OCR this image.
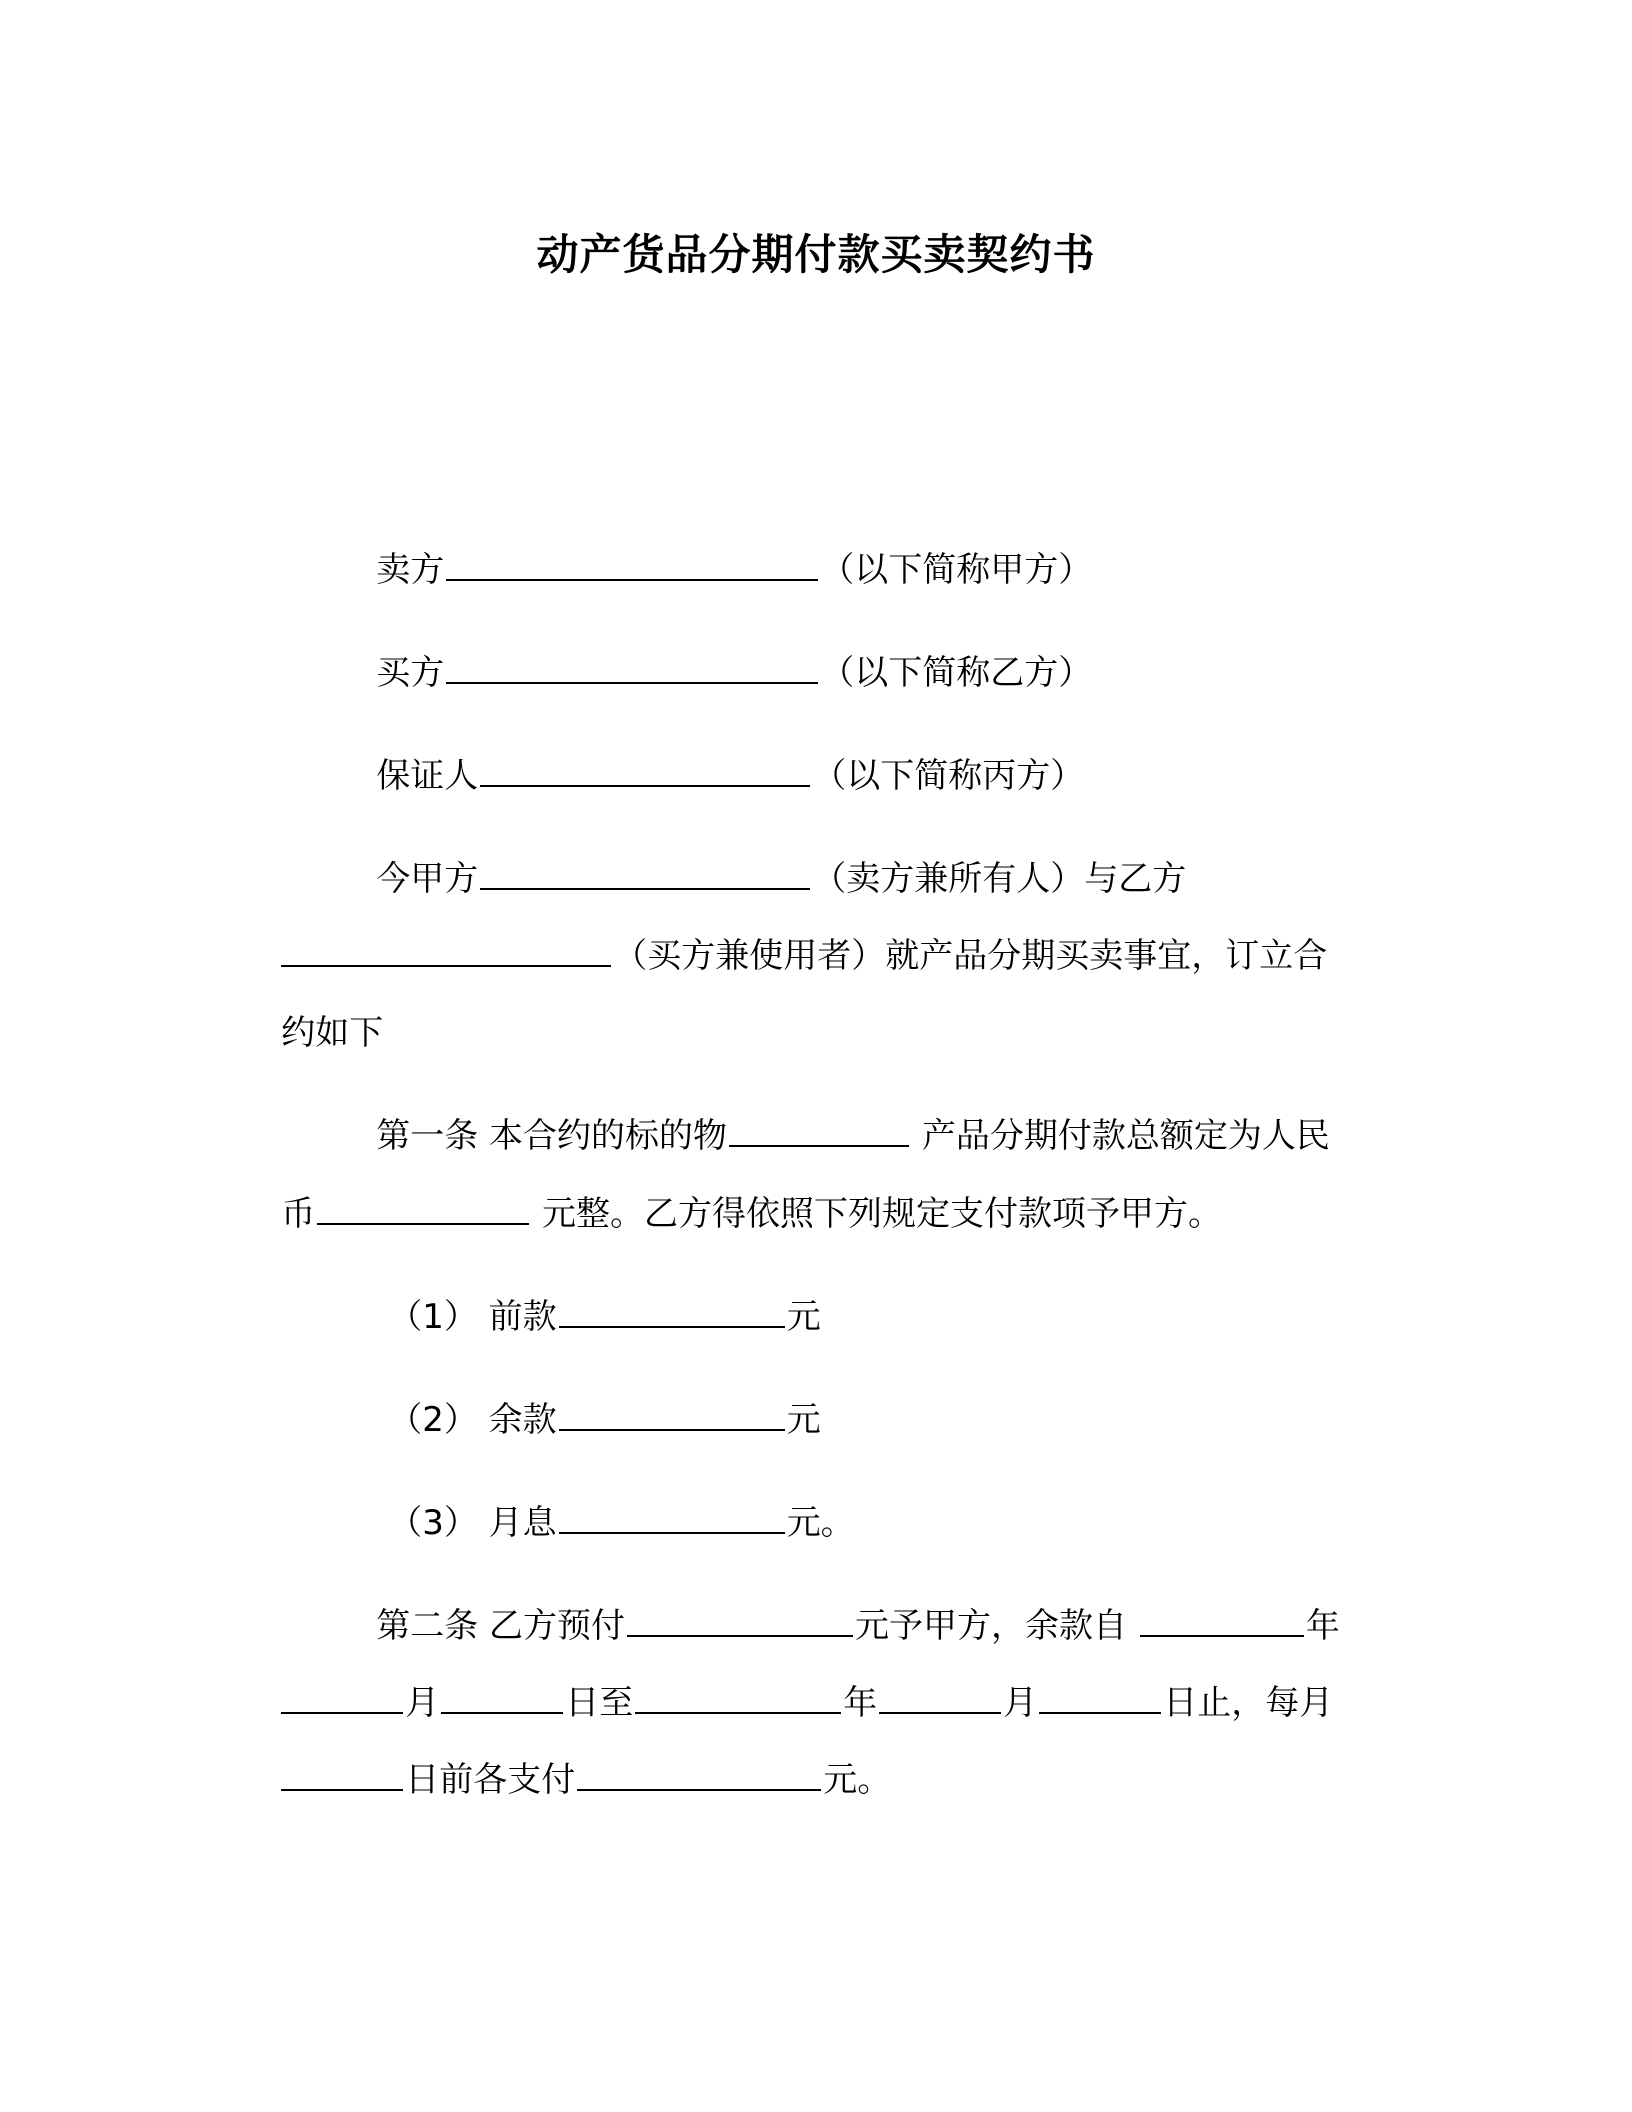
动产货品分期付款买卖契约书

卖方	（以下简称甲方）

买方	（以下简称乙方）

保证人	（以下简称丙方）

今甲方	（卖方兼所有人）与乙方

（买方兼使用者）就产品分期买卖事宜，订立合

约如下

第一条 本合约的标的物	产品分期付款总额定为人民

币	元整。乙方得依照下列规定支付款项予甲方。

（1） 前款	元

（2） 余款	元

（3） 月息	元。

第二条 乙方预付	元予甲方，余款自	年

月	日至	年	月	日止，每月

日前各支付	元。
